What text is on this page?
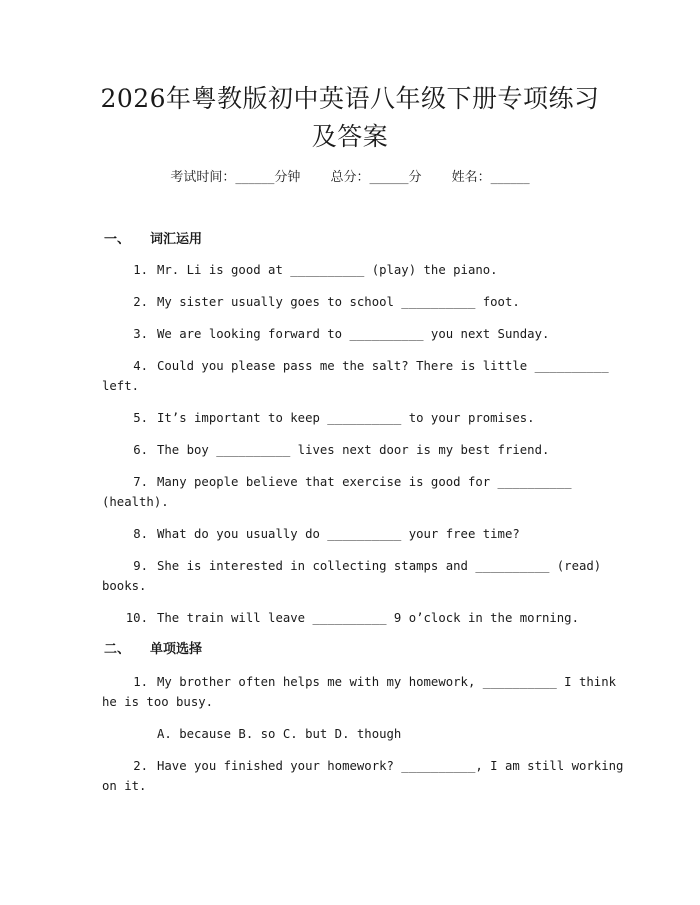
2026年粤教版初中英语八年级下册专项练习
及答案
考试时间：______分钟 总分：______分 姓名：______
一、 词汇运用
1. Mr. Li is good at __________ (play) the piano.
2. My sister usually goes to school __________ foot.
3. We are looking forward to __________ you next Sunday.
4. Could you please pass me the salt? There is little __________
left.
5. It’s important to keep __________ to your promises.
6. The boy __________ lives next door is my best friend.
7. Many people believe that exercise is good for __________
(health).
8. What do you usually do __________ your free time?
9. She is interested in collecting stamps and __________ (read)
books.
10. The train will leave __________ 9 o’clock in the morning.
二、 单项选择
1. My brother often helps me with my homework, __________ I think
he is too busy.
A. because B. so C. but D. though
2. Have you finished your homework? __________, I am still working
on it.
